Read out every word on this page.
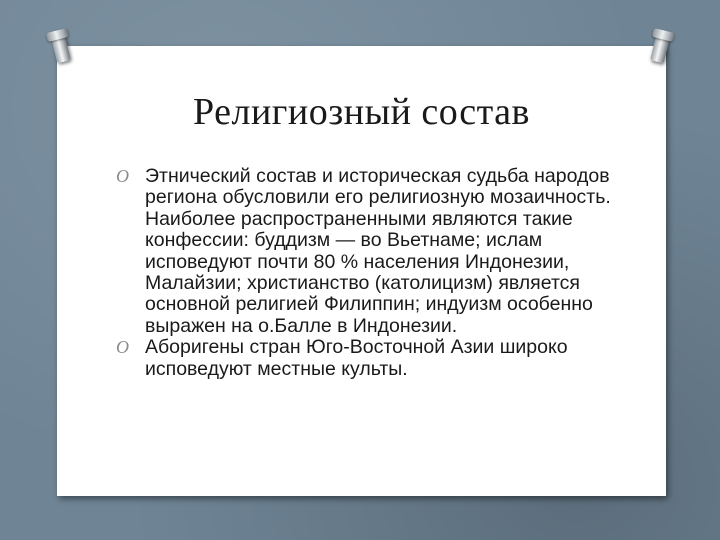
Религиозный состав
O Этнический состав и историческая судьба народов региона обусловили его религиозную мозаичность. Наиболее распространенными являются такие конфессии: буддизм — во Вьетнаме; ислам исповедуют почти 80 % населения Индонезии, Малайзии; христианство (католицизм) является основной религией Филиппин; индуизм особенно выражен на о.Балле в Индонезии.
O Аборигены стран Юго-Восточной Азии широко исповедуют местные культы.
